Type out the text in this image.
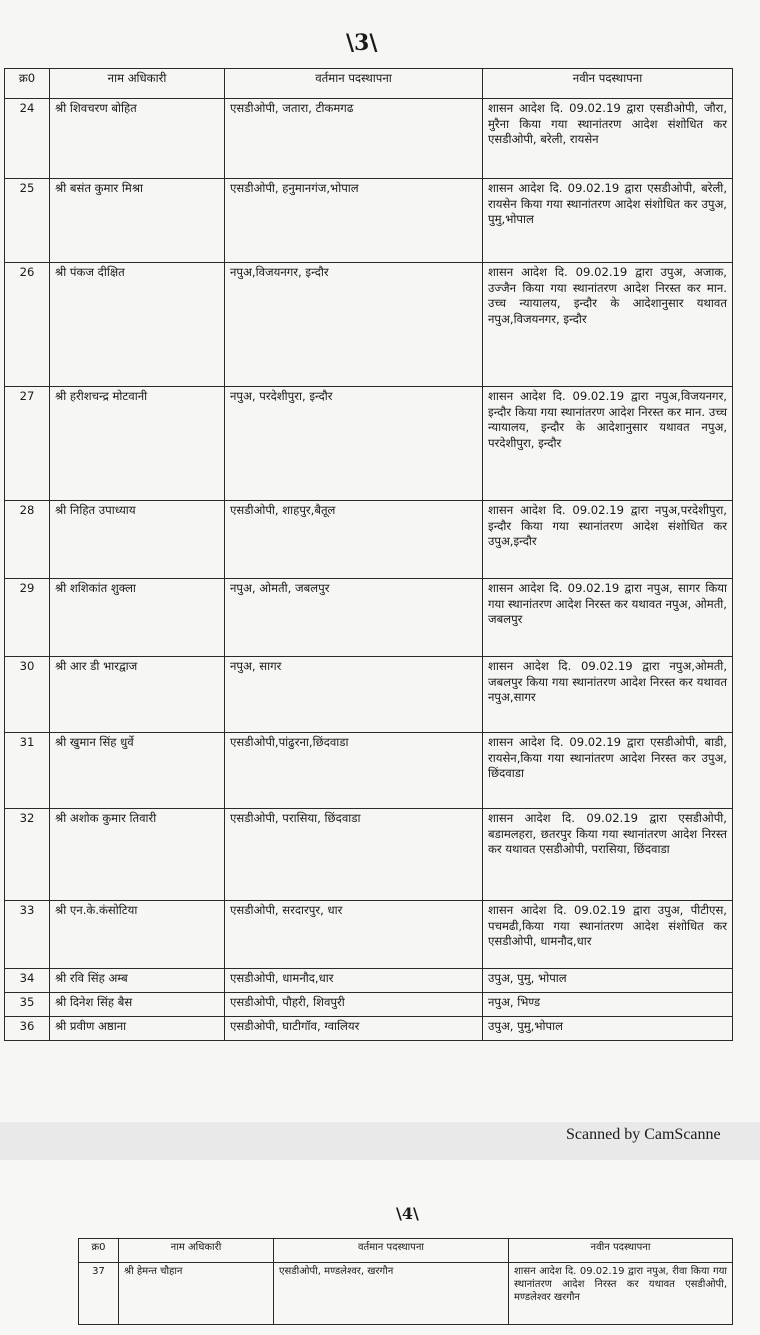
\3\
क्र0	नाम अधिकारी	वर्तमान पदस्थापना	नवीन पदस्थापना
24	श्री शिवचरण बोहित	एसडीओपी, जतारा, टीकमगढ	शासन आदेश दि. 09.02.19 द्वारा एसडीओपी, जौरा, मुरैना किया गया स्थानांतरण आदेश संशोधित कर एसडीओपी, बरेली, रायसेन
25	श्री बसंत कुमार मिश्रा	एसडीओपी, हनुमानगंज,भोपाल	शासन आदेश दि. 09.02.19 द्वारा एसडीओपी, बरेली, रायसेन किया गया स्थानांतरण आदेश संशोधित कर उपुअ, पुमु,भोपाल
26	श्री पंकज दीक्षित	नपुअ,विजयनगर, इन्दौर	शासन आदेश दि. 09.02.19 द्वारा उपुअ, अजाक, उज्जैन किया गया स्थानांतरण आदेश निरस्त कर मान. उच्च न्यायालय, इन्दौर के आदेशानुसार यथावत नपुअ,विजयनगर, इन्दौर
27	श्री हरीशचन्द्र मोटवानी	नपुअ, परदेशीपुरा, इन्दौर	शासन आदेश दि. 09.02.19 द्वारा नपुअ,विजयनगर, इन्दौर किया गया स्थानांतरण आदेश निरस्त कर मान. उच्च न्यायालय, इन्दौर के आदेशानुसार यथावत नपुअ, परदेशीपुरा, इन्दौर
28	श्री निहित उपाध्याय	एसडीओपी, शाहपुर,बैतूल	शासन आदेश दि. 09.02.19 द्वारा नपुअ,परदेशीपुरा, इन्दौर किया गया स्थानांतरण आदेश संशोधित कर उपुअ,इन्दौर
29	श्री शशिकांत शुक्ला	नपुअ, ओमती, जबलपुर	शासन आदेश दि. 09.02.19 द्वारा नपुअ, सागर किया गया स्थानांतरण आदेश निरस्त कर यथावत नपुअ, ओमती, जबलपुर
30	श्री आर डी भारद्वाज	नपुअ, सागर	शासन आदेश दि. 09.02.19 द्वारा नपुअ,ओमती, जबलपुर किया गया स्थानांतरण आदेश निरस्त कर यथावत नपुअ,सागर
31	श्री खुमान सिंह धुर्वे	एसडीओपी,पांढुरना,छिंदवाडा	शासन आदेश दि. 09.02.19 द्वारा एसडीओपी, बाडी, रायसेन,किया गया स्थानांतरण आदेश निरस्त कर उपुअ, छिंदवाडा
32	श्री अशोक कुमार तिवारी	एसडीओपी, परासिया, छिंदवाडा	शासन आदेश दि. 09.02.19 द्वारा एसडीओपी, बडामलहरा, छतरपुर किया गया स्थानांतरण आदेश निरस्त कर यथावत एसडीओपी, परासिया, छिंदवाडा
33	श्री एन.के.कंसोटिया	एसडीओपी, सरदारपुर, धार	शासन आदेश दि. 09.02.19 द्वारा उपुअ, पीटीएस, पचमढी,किया गया स्थानांतरण आदेश संशोधित कर एसडीओपी, धामनौद,धार
34	श्री रवि सिंह अम्ब	एसडीओपी, धामनौद,धार	उपुअ, पुमु, भोपाल
35	श्री दिनेश सिंह बैस	एसडीओपी, पौहरी, शिवपुरी	नपुअ, भिण्ड
36	श्री प्रवीण अष्ठाना	एसडीओपी, घाटीगॉव, ग्वालियर	उपुअ, पुमु,भोपाल
Scanned by CamScanne
\4\
क्र0	नाम अधिकारी	वर्तमान पदस्थापना	नवीन पदस्थापना
37	श्री हेमन्त चौहान	एसडीओपी, मण्डलेश्वर, खरगौन	शासन आदेश दि. 09.02.19 द्वारा नपुअ, रीवा किया गया स्थानांतरण आदेश निरस्त कर यथावत एसडीओपी, मण्डलेश्वर खरगौन
